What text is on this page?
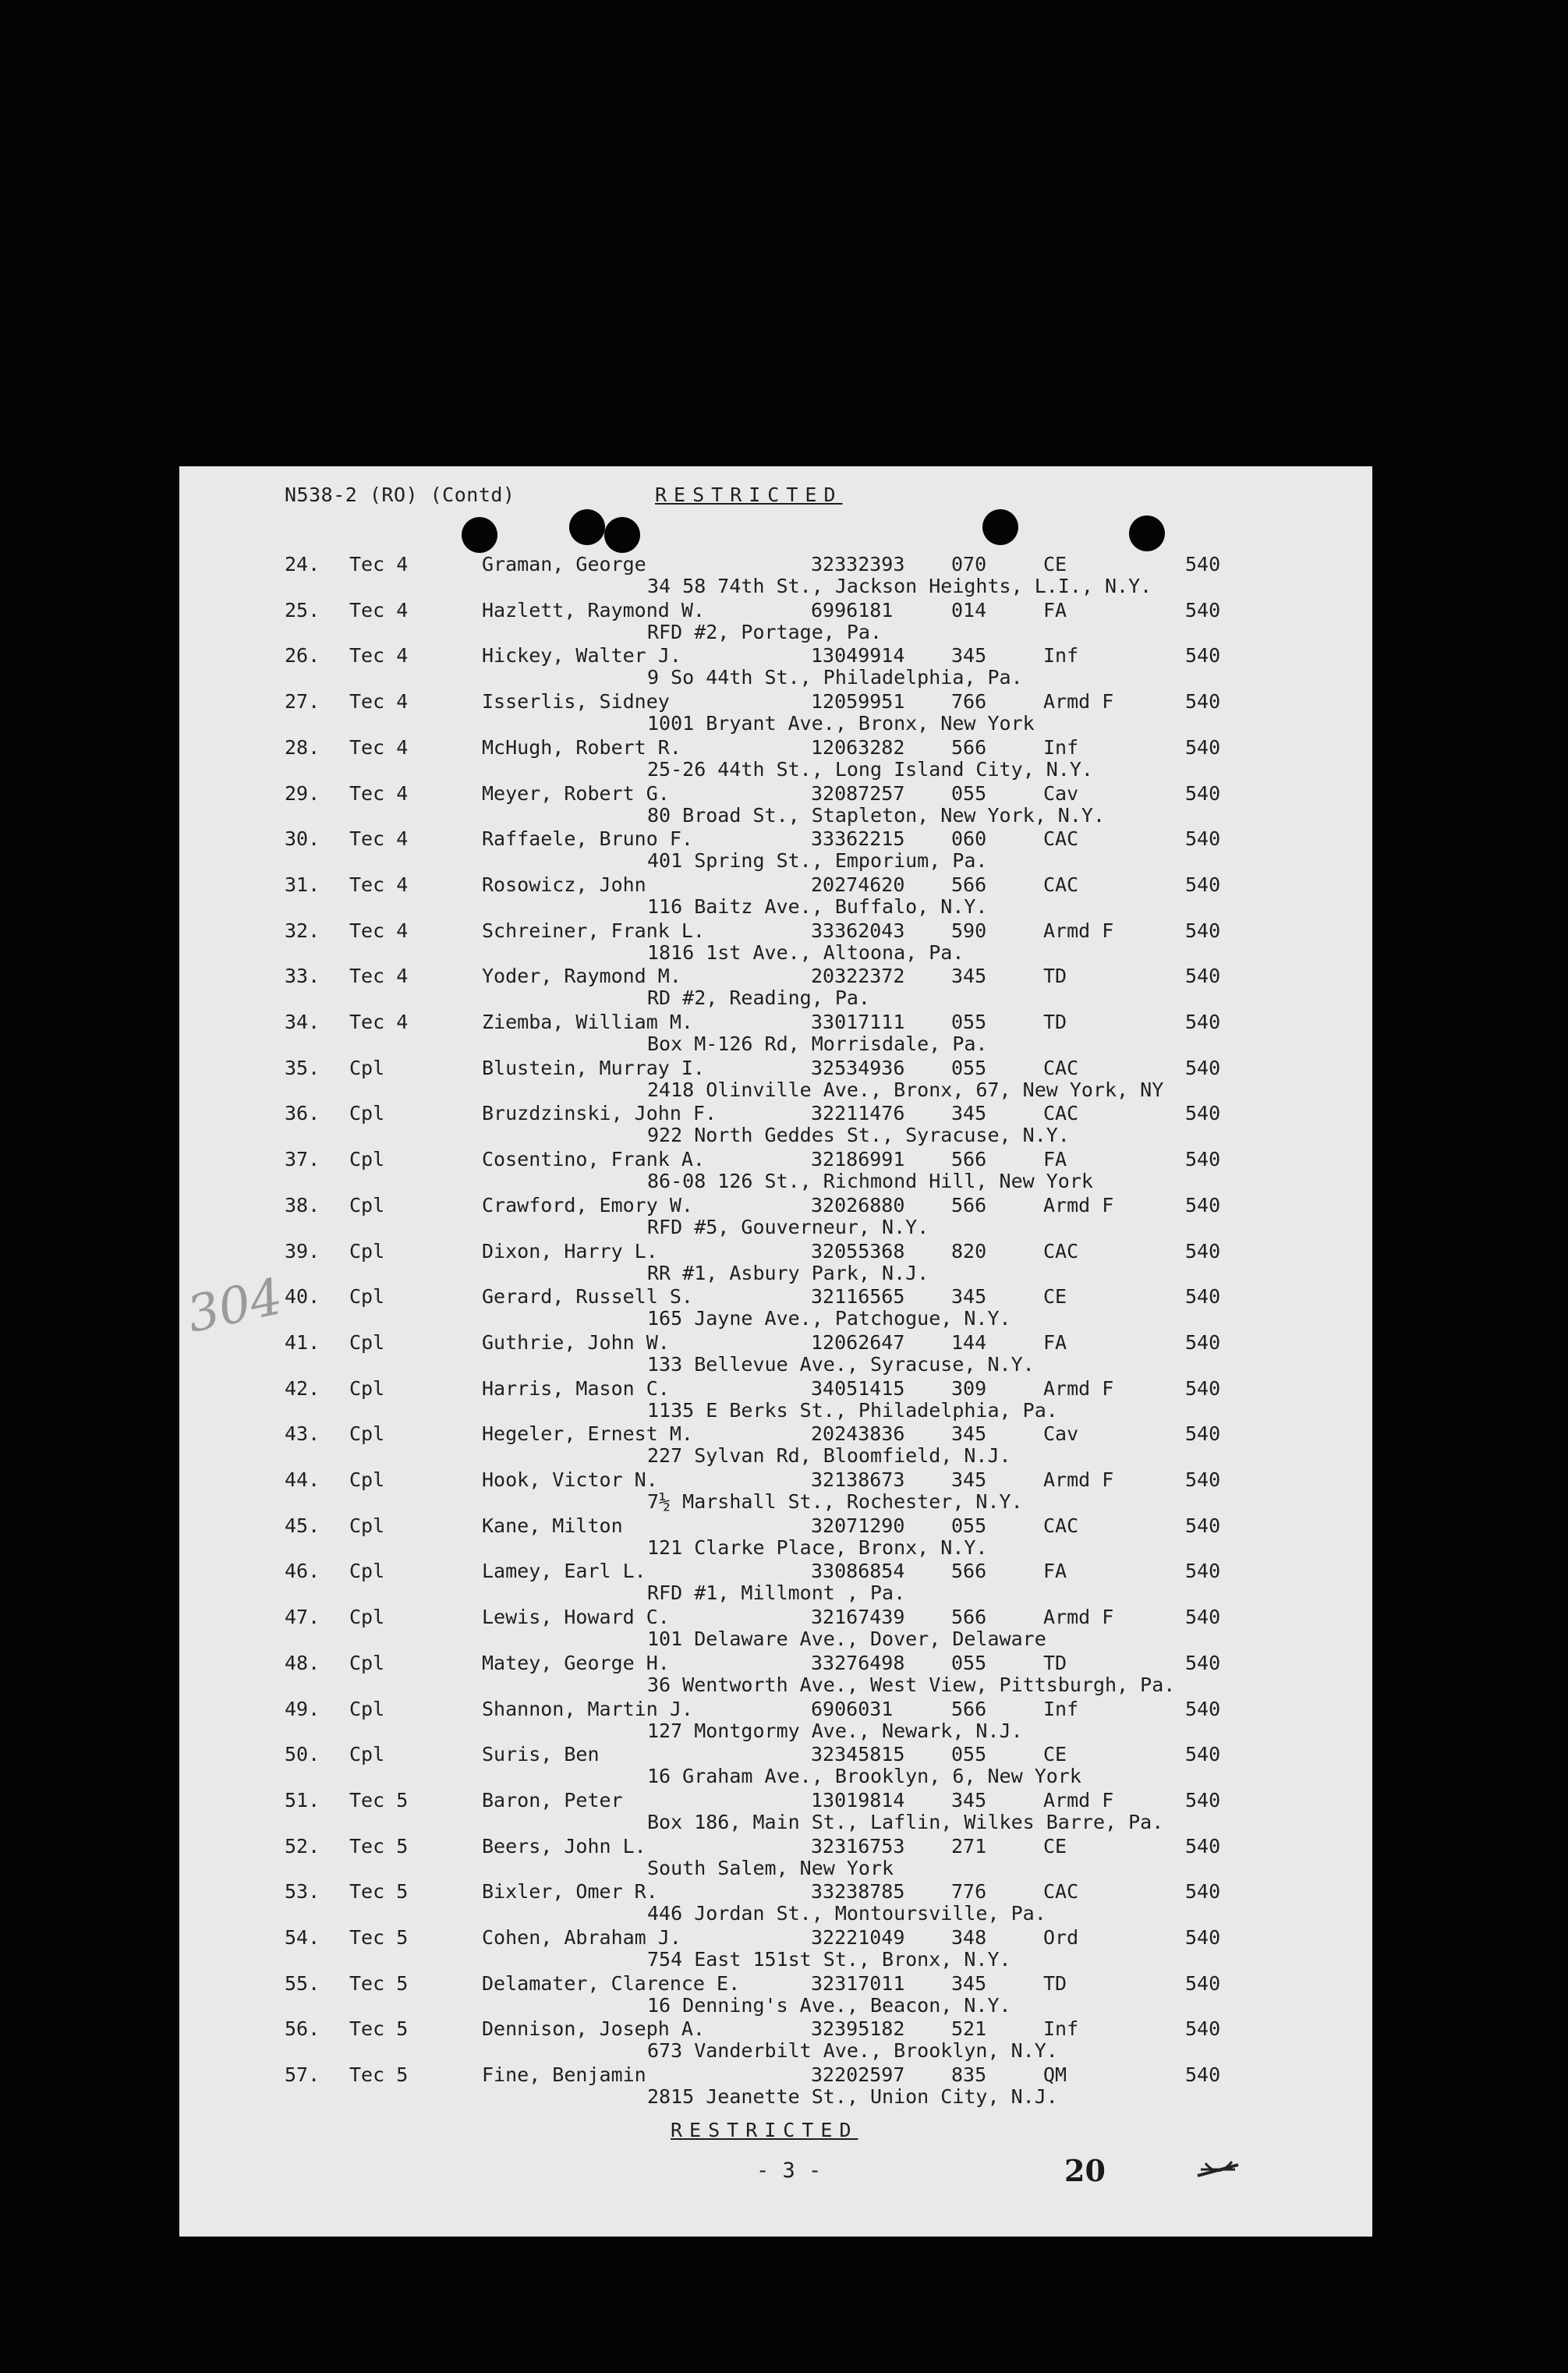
N538-2 (RO) (Contd)	RESTRICTED
24.	Tec 4	Graman, George	32332393 070	CE	540
34 58 74th St., Jackson Heights, L.I., N.Y.
25.	Tec 4	Hazlett, Raymond W.	6996181	014	FA	540
RFD #2, Portage, Pa.
26.	Tec 4	Hickey, Walter J.	13049914 345	Inf	540
9 So 44th St., Philadelphia, Pa.
27.	Tec 4	Isserlis, Sidney	12059951 766	Armd F	540
1001 Bryant Ave., Bronx, New York
28.	Tec 4	McHugh, Robert R.	12063282 566	Inf	540
25-26 44th St., Long Island City, N.Y.
29.	Tec 4	Meyer, Robert G.	32087257 055	Cav	540
80 Broad St., Stapleton, New York, N.Y.
30.	Tec 4	Raffaele, Bruno F.	33362215 060	CAC	540
401 Spring St., Emporium, Pa.
31.	Tec 4	Rosowicz, John	20274620 566	CAC	540
116 Baitz Ave., Buffalo, N.Y.
32.	Tec 4	Schreiner, Frank L.	33362043 590	Armd F	540
1816 1st Ave., Altoona, Pa.
33.	Tec 4	Yoder, Raymond M.	20322372 345	TD	540
RD #2, Reading, Pa.
34.	Tec 4	Ziemba, William M.	33017111 055	TD	540
Box M-126 Rd, Morrisdale, Pa.
35.	Cpl	Blustein, Murray I.	32534936 055	CAC	540
2418 Olinville Ave., Bronx, 67, New York, NY
36.	Cpl	Bruzdzinski, John F.	32211476 345	CAC	540
922 North Geddes St., Syracuse, N.Y.
37.	Cpl	Cosentino, Frank A.	32186991 566	FA	540
86-08 126 St., Richmond Hill, New York
38.	Cpl	Crawford, Emory W.	32026880 566	Armd F	540
RFD #5, Gouverneur, N.Y.
39.	Cpl	Dixon, Harry L.	32055368 820	CAC	540
RR #1, Asbury Park, N.J.
40.	Cpl	Gerard, Russell S.	32116565 345	CE	540
165 Jayne Ave., Patchogue, N.Y.
41.	Cpl	Guthrie, John W.	12062647 144	FA	540
133 Bellevue Ave., Syracuse, N.Y.
42.	Cpl	Harris, Mason C.	34051415 309	Armd F	540
1135 E Berks St., Philadelphia, Pa.
43.	Cpl	Hegeler, Ernest M.	20243836 345	Cav	540
227 Sylvan Rd, Bloomfield, N.J.
44.	Cpl	Hook, Victor N.	32138673 345	Armd F	540
7½ Marshall St., Rochester, N.Y.
45.	Cpl	Kane, Milton	32071290 055	CAC	540
121 Clarke Place, Bronx, N.Y.
46.	Cpl	Lamey, Earl L.	33086854 566	FA	540
RFD #1, Millmont , Pa.
47.	Cpl	Lewis, Howard C.	32167439 566	Armd F	540
101 Delaware Ave., Dover, Delaware
48.	Cpl	Matey, George H.	33276498 055	TD	540
36 Wentworth Ave., West View, Pittsburgh, Pa.
49.	Cpl	Shannon, Martin J.	6906031	566	Inf	540
127 Montgormy Ave., Newark, N.J.
50.	Cpl	Suris, Ben	32345815 055	CE	540
16 Graham Ave., Brooklyn, 6, New York
51.	Tec 5	Baron, Peter	13019814 345	Armd F	540
Box 186, Main St., Laflin, Wilkes Barre, Pa.
52.	Tec 5	Beers, John L.	32316753 271	CE	540
South Salem, New York
53.	Tec 5	Bixler, Omer R.	33238785 776	CAC	540
446 Jordan St., Montoursville, Pa.
54.	Tec 5	Cohen, Abraham J.	32221049 348	Ord	540
754 East 151st St., Bronx, N.Y.
55.	Tec 5	Delamater, Clarence E.	32317011 345	TD	540
16 Denning's Ave., Beacon, N.Y.
56.	Tec 5	Dennison, Joseph A.	32395182 521	Inf	540
673 Vanderbilt Ave., Brooklyn, N.Y.
57.	Tec 5	Fine, Benjamin	32202597 835	QM	540
2815 Jeanette St., Union City, N.J.
304
RESTRICTED
- 3 -	20
